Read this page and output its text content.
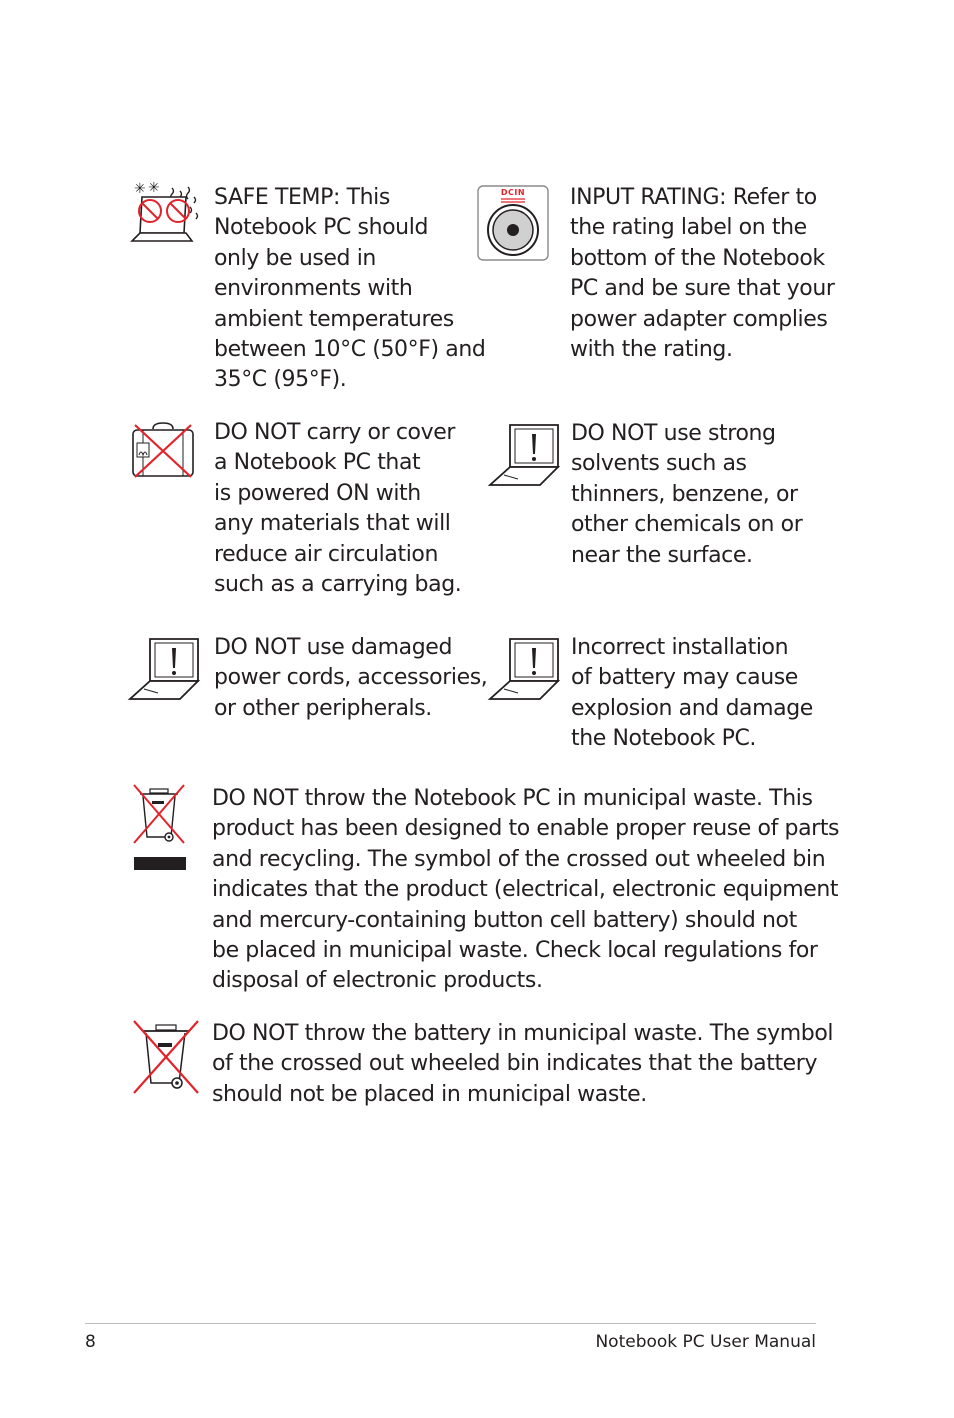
✳ ✳ SAFE TEMP: This
Notebook PC should
only be used in
environments with
ambient temperatures
between 10°C (50°F) and
35°C (95°F).

DCIN	INPUT RATING: Refer to
the rating label on the
bottom of the Notebook
PC and be sure that your
power adapter complies
with the rating.

DO NOT carry or cover
a Notebook PC that
is powered ON with
any materials that will
reduce air circulation
such as a carrying bag.

DO NOT use strong
solvents such as
thinners, benzene, or
other chemicals on or
near the surface.

DO NOT use damaged
power cords, accessories,
or other peripherals.

Incorrect installation
of battery may cause
explosion and damage
the Notebook PC.

DO NOT throw the Notebook PC in municipal waste. This
product has been designed to enable proper reuse of parts
and recycling. The symbol of the crossed out wheeled bin
indicates that the product (electrical, electronic equipment
and mercury-containing button cell battery) should not
be placed in municipal waste. Check local regulations for
disposal of electronic products.

DO NOT throw the battery in municipal waste. The symbol
of the crossed out wheeled bin indicates that the battery
should not be placed in municipal waste.

8	Notebook PC User Manual
